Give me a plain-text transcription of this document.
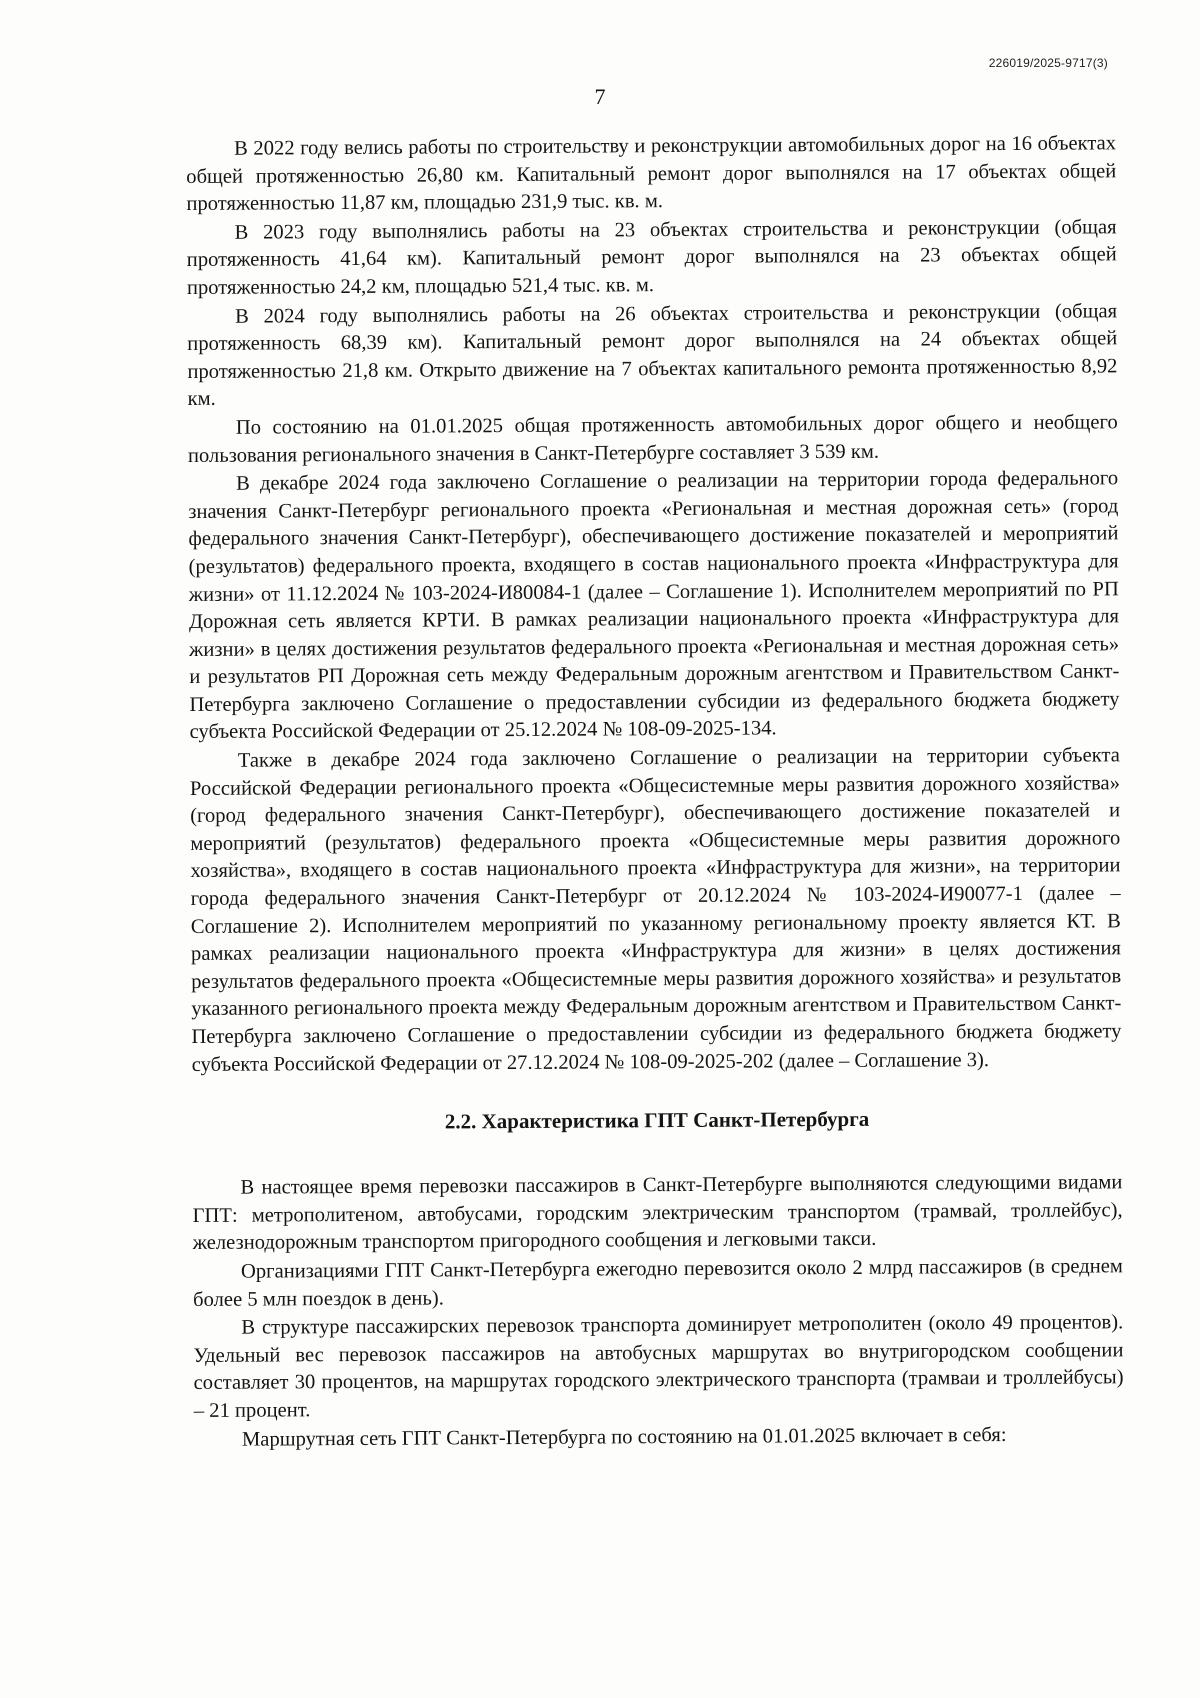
226019/2025-9717(3)
7

В 2022 году велись работы по строительству и реконструкции автомобильных дорог на 16 объектах общей протяженностью 26,80 км. Капитальный ремонт дорог выполнялся на 17 объектах общей протяженностью 11,87 км, площадью 231,9 тыс. кв. м.

В 2023 году выполнялись работы на 23 объектах строительства и реконструкции (общая протяженность 41,64 км). Капитальный ремонт дорог выполнялся на 23 объектах общей протяженностью 24,2 км, площадью 521,4 тыс. кв. м.

В 2024 году выполнялись работы на 26 объектах строительства и реконструкции (общая протяженность 68,39 км). Капитальный ремонт дорог выполнялся на 24 объектах общей протяженностью 21,8 км. Открыто движение на 7 объектах капитального ремонта протяженностью 8,92 км.

По состоянию на 01.01.2025 общая протяженность автомобильных дорог общего и необщего пользования регионального значения в Санкт-Петербурге составляет 3 539 км.

В декабре 2024 года заключено Соглашение о реализации на территории города федерального значения Санкт-Петербург регионального проекта «Региональная и местная дорожная сеть» (город федерального значения Санкт-Петербург), обеспечивающего достижение показателей и мероприятий (результатов) федерального проекта, входящего в состав национального проекта «Инфраструктура для жизни» от 11.12.2024 № 103-2024-И80084-1 (далее – Соглашение 1). Исполнителем мероприятий по РП Дорожная сеть является КРТИ. В рамках реализации национального проекта «Инфраструктура для жизни» в целях достижения результатов федерального проекта «Региональная и местная дорожная сеть» и результатов РП Дорожная сеть между Федеральным дорожным агентством и Правительством Санкт-Петербурга заключено Соглашение о предоставлении субсидии из федерального бюджета бюджету субъекта Российской Федерации от 25.12.2024 № 108-09-2025-134.

Также в декабре 2024 года заключено Соглашение о реализации на территории субъекта Российской Федерации регионального проекта «Общесистемные меры развития дорожного хозяйства» (город федерального значения Санкт-Петербург), обеспечивающего достижение показателей и мероприятий (результатов) федерального проекта «Общесистемные меры развития дорожного хозяйства», входящего в состав национального проекта «Инфраструктура для жизни», на территории города федерального значения Санкт-Петербург от 20.12.2024 № 103-2024-И90077-1 (далее – Соглашение 2). Исполнителем мероприятий по указанному региональному проекту является КТ. В рамках реализации национального проекта «Инфраструктура для жизни» в целях достижения результатов федерального проекта «Общесистемные меры развития дорожного хозяйства» и результатов указанного регионального проекта между Федеральным дорожным агентством и Правительством Санкт-Петербурга заключено Соглашение о предоставлении субсидии из федерального бюджета бюджету субъекта Российской Федерации от 27.12.2024 № 108-09-2025-202 (далее – Соглашение 3).

2.2. Характеристика ГПТ Санкт-Петербурга

В настоящее время перевозки пассажиров в Санкт-Петербурге выполняются следующими видами ГПТ: метрополитеном, автобусами, городским электрическим транспортом (трамвай, троллейбус), железнодорожным транспортом пригородного сообщения и легковыми такси.

Организациями ГПТ Санкт-Петербурга ежегодно перевозится около 2 млрд пассажиров (в среднем более 5 млн поездок в день).

В структуре пассажирских перевозок транспорта доминирует метрополитен (около 49 процентов). Удельный вес перевозок пассажиров на автобусных маршрутах во внутригородском сообщении составляет 30 процентов, на маршрутах городского электрического транспорта (трамваи и троллейбусы) – 21 процент.

Маршрутная сеть ГПТ Санкт-Петербурга по состоянию на 01.01.2025 включает в себя:
